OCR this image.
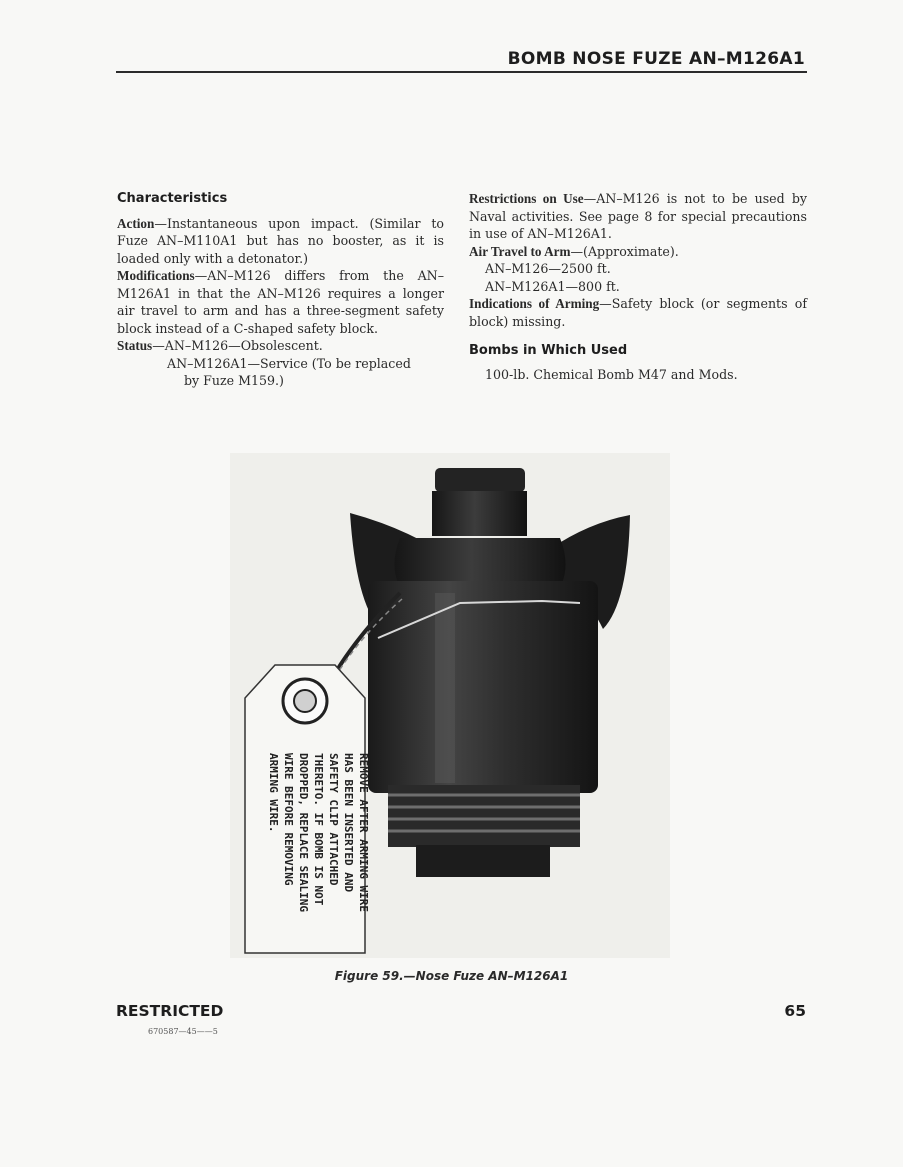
BOMB NOSE FUZE AN–M126A1
Characteristics

Action—Instantaneous upon impact. (Similar to Fuze AN–M110A1 but has no booster, as it is loaded only with a detonator.)

Modifications—AN–M126 differs from the AN–M126A1 in that the AN–M126 requires a longer air travel to arm and has a three-segment safety block instead of a C-shaped safety block.

Status—AN–M126—Obsolescent.

AN–M126A1—Service (To be replaced

by Fuze M159.)

Restrictions on Use—AN–M126 is not to be used by Naval activities. See page 8 for special precautions in use of AN–M126A1.

Air Travel to Arm—(Approximate).

AN–M126—2500 ft.

AN–M126A1—800 ft.

Indications of Arming—Safety block (or segments of block) missing.

Bombs in Which Used

100-lb. Chemical Bomb M47 and Mods.

REMOVE AFTER ARMING WIRE
HAS BEEN INSERTED AND
SAFETY CLIP ATTACHED
THERETO. IF BOMB IS NOT
DROPPED, REPLACE SEALING
WIRE BEFORE REMOVING
ARMING WIRE.
Figure 59.—Nose Fuze AN–M126A1
RESTRICTED
670587—45——5
65
